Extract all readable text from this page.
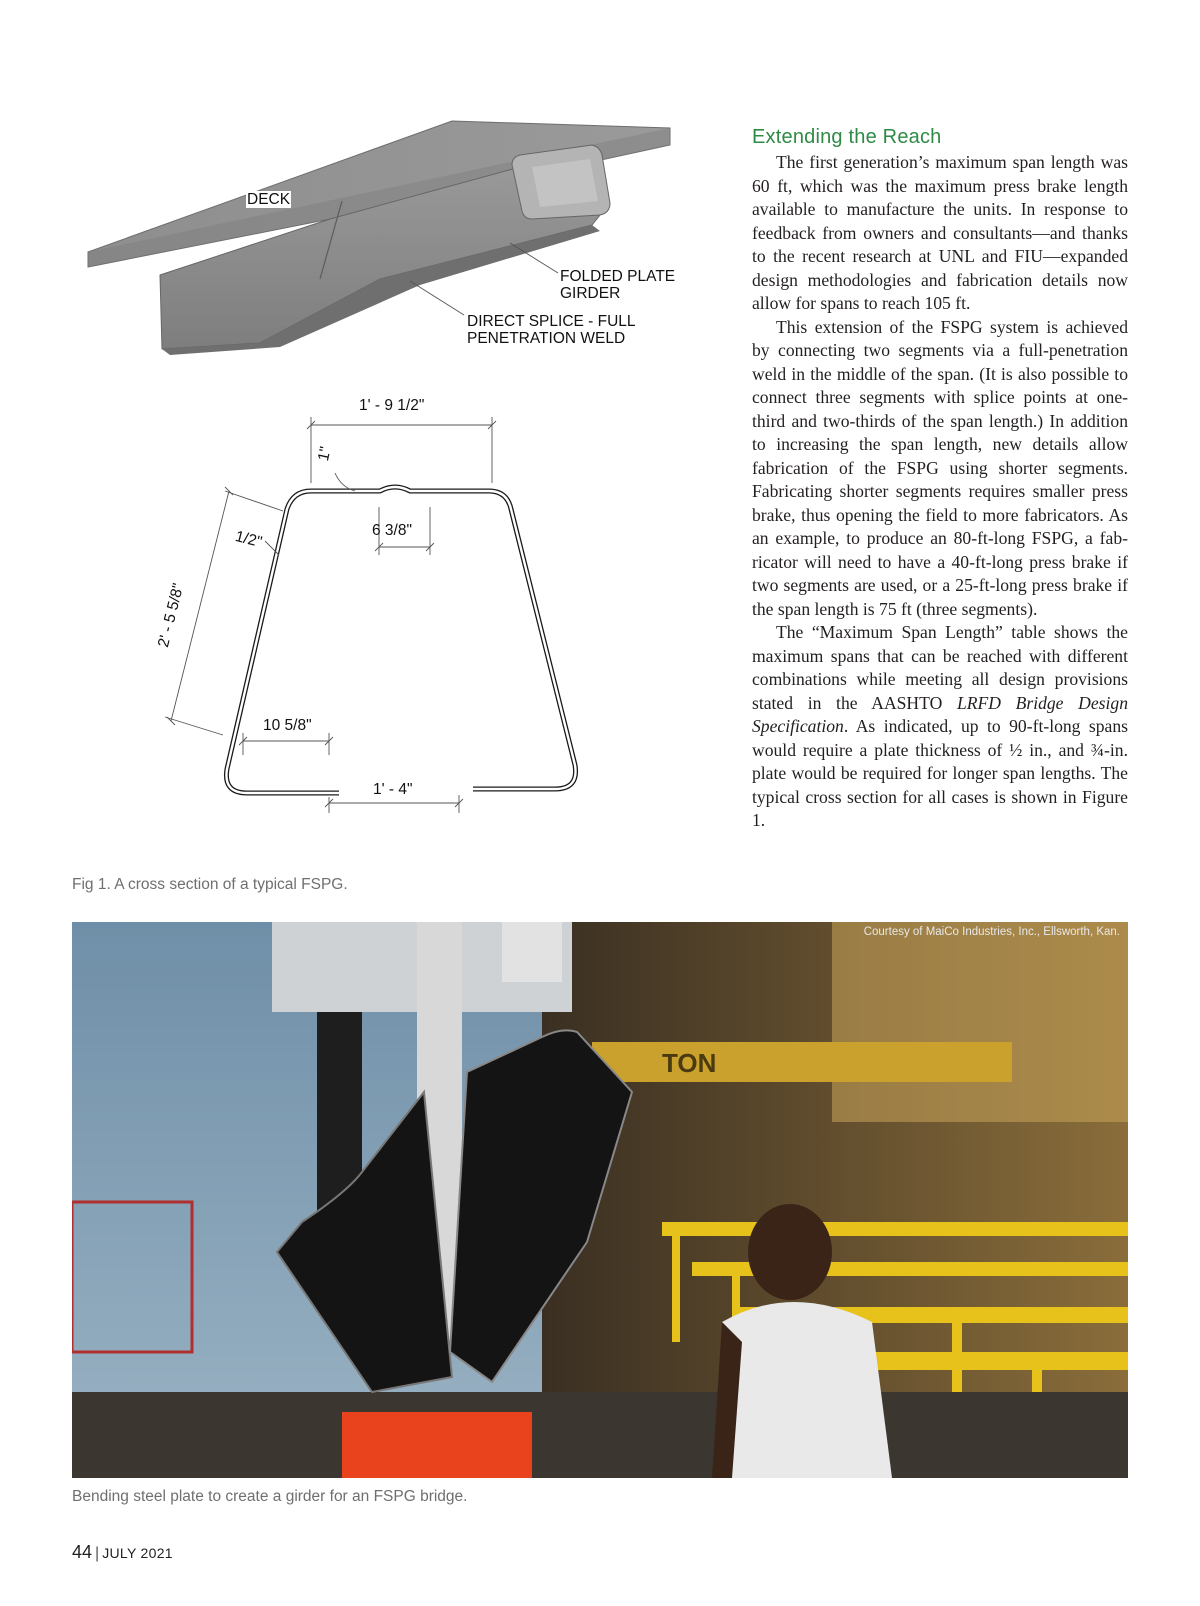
DECK
FOLDED PLATE
GIRDER
DIRECT SPLICE - FULL
PENETRATION WELD
1' - 9 1/2"
1"
1/2"	6 3/8"
2' - 5 5/8"
10 5/8"
1' - 4"
Fig 1. A cross section of a typical FSPG.
Extending the Reach

The first generation’s maximum span length was 60 ft, which was the maximum press brake length available to manufacture the units. In response to feedback from owners and consultants—and thanks to the recent research at UNL and FIU—expanded design methodologies and fabrication details now allow for spans to reach 105 ft.

This extension of the FSPG system is achieved by connecting two segments via a full-penetration weld in the middle of the span. (It is also possible to connect three segments with splice points at one-third and two-thirds of the span length.) In addition to increasing the span length, new details allow fabrication of the FSPG using shorter segments. Fabricating shorter segments requires smaller press brake, thus opening the field to more fabricators. As an example, to produce an 80-ft-long FSPG, a fabricator will need to have a 40-ft-long press brake if two segments are used, or a 25-ft-long press brake if the span length is 75 ft (three segments).

The “Maximum Span Length” table shows the maximum spans that can be reached with different combinations while meeting all design provisions stated in the AASHTO LRFD Bridge Design Specification. As indicated, up to 90-ft-long spans would require a plate thickness of ½ in., and ¾-in. plate would be required for longer span lengths. The typical cross section for all cases is shown in Figure 1.

TON
Courtesy of MaiCo Industries, Inc., Ellsworth, Kan.
Bending steel plate to create a girder for an FSPG bridge.
44 | JULY 2021
